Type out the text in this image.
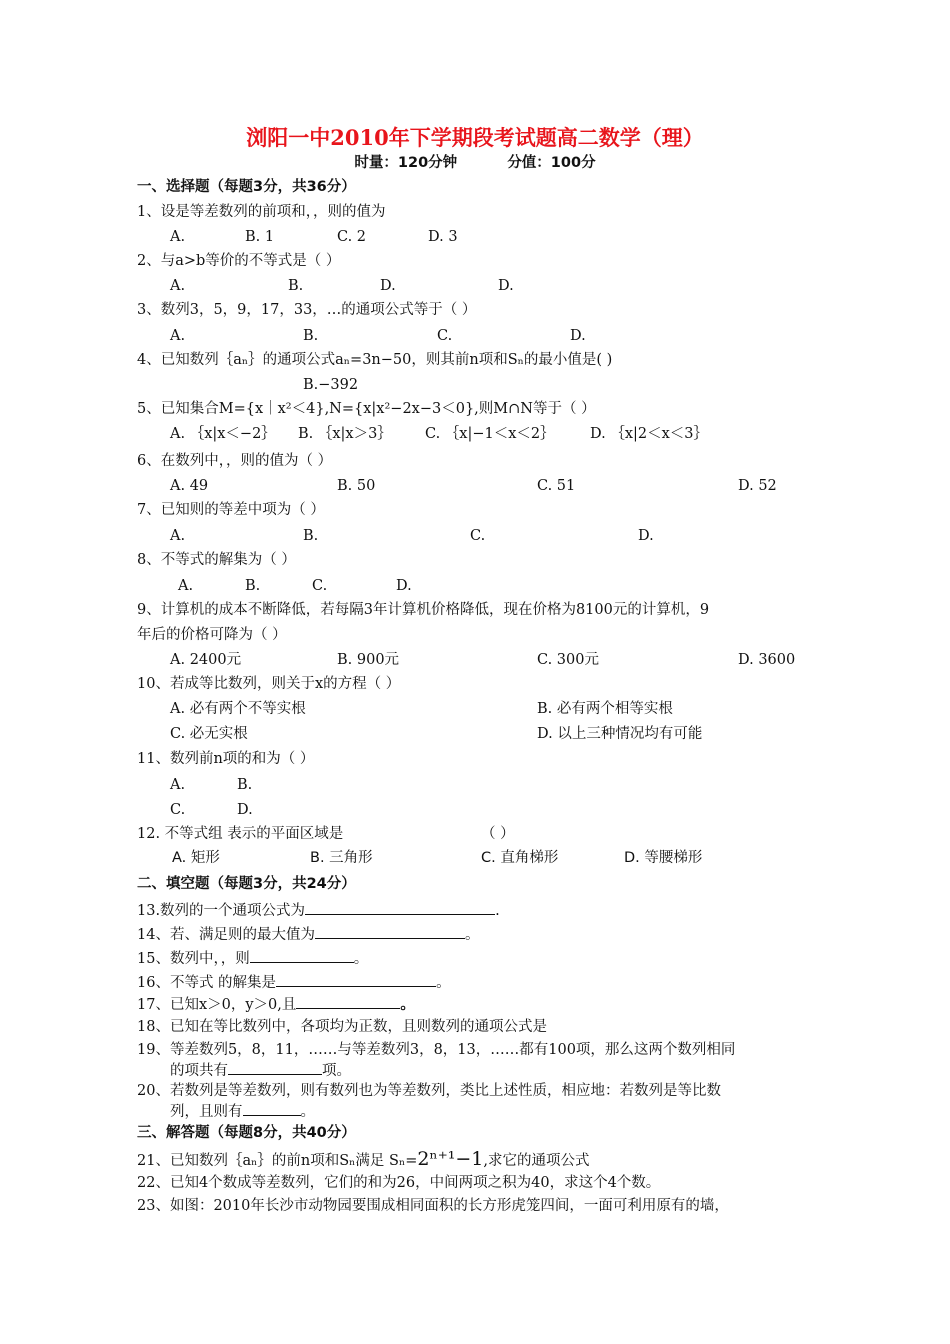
浏阳一中2010年下学期段考试题高二数学（理）
时量：120分钟	分值：100分
一、选择题（每题3分，共36分）
1、设是等差数列的前项和，，则的值为
A.	B. 1	C. 2	D. 3
2、与a>b等价的不等式是（ ）
A.	B.	D.	D.
3、数列3，5，9，17，33，…的通项公式等于（ ）
A.	B.	C.	D.
4、已知数列｛aₙ｝的通项公式aₙ=3n−50，则其前n项和Sₙ的最小值是( )
B.−392
5、已知集合M={x｜x²＜4},N={x|x²−2x−3＜0},则M∩N等于（ ）
A. ｛x|x＜−2｝ B. ｛x|x＞3｝ C. ｛x|−1＜x＜2｝ D. ｛x|2＜x＜3｝
6、在数列中，，则的值为（ ）
A. 49	B. 50	C. 51	D. 52
7、已知则的等差中项为（ ）
A.	B.	C.	D.
8、不等式的解集为（ ）
A.	B.	C.	D.
9、计算机的成本不断降低，若每隔3年计算机价格降低，现在价格为8100元的计算机，9
年后的价格可降为（ ）
A. 2400元	B. 900元	C. 300元	D. 3600
10、若成等比数列，则关于x的方程（ ）
A. 必有两个不等实根	B. 必有两个相等实根
C. 必无实根	D. 以上三种情况均有可能
11、数列前n项的和为（ ）
A.	B.
C.	D.
12. 不等式组 表示的平面区域是	（ ）
A. 矩形	B. 三角形	C. 直角梯形	D. 等腰梯形
二、填空题（每题3分，共24分）
13.数列的一个通项公式为	.
14、若、满足则的最大值为	。
15、数列中，，则	。
16、不等式 的解集是	。
17、已知x＞0，y＞0,且	。
18、已知在等比数列中，各项均为正数，且则数列的通项公式是
19、等差数列5，8，11，……与等差数列3，8，13，……都有100项，那么这两个数列相同
的项共有	项。
20、若数列是等差数列，则有数列也为等差数列，类比上述性质，相应地：若数列是等比数
列，且则有	。
三、解答题（每题8分，共40分）
21、已知数列｛aₙ｝的前n项和Sₙ满足 Sₙ=2ⁿ⁺¹−1,求它的通项公式
22、已知4个数成等差数列，它们的和为26，中间两项之积为40，求这个4个数。
23、如图：2010年长沙市动物园要围成相同面积的长方形虎笼四间，一面可利用原有的墙，
